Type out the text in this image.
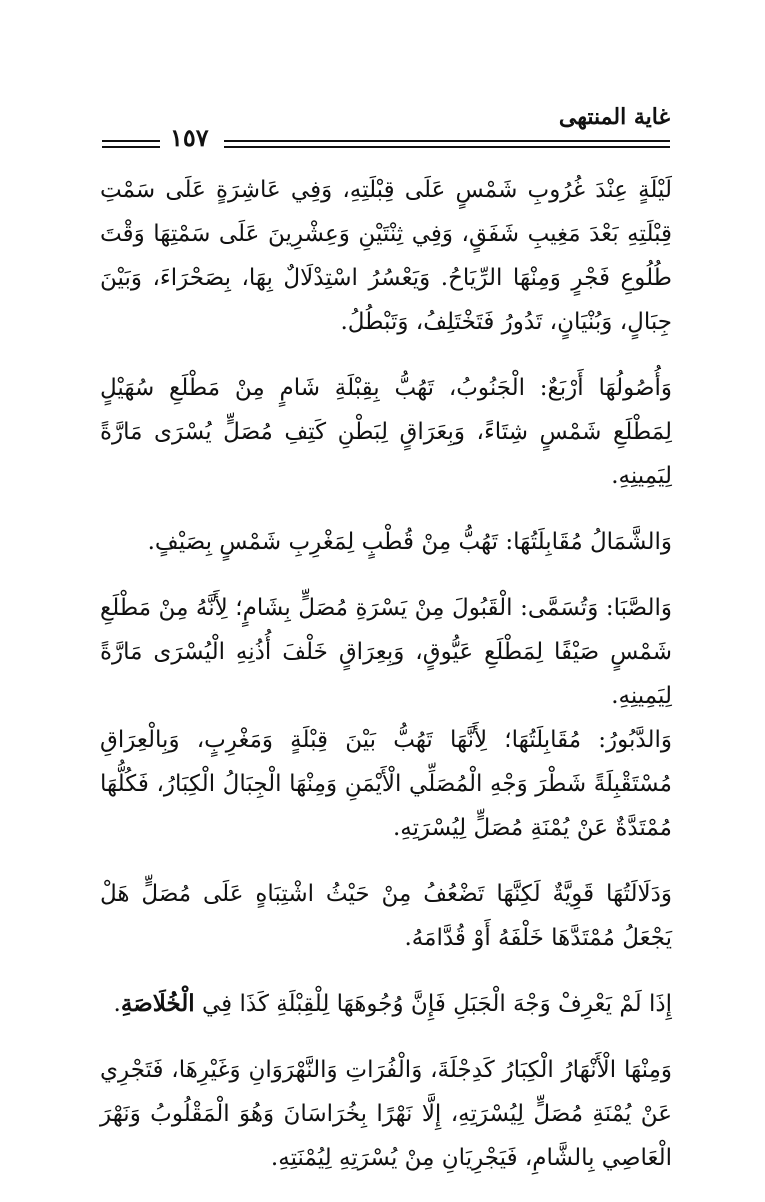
غاية المنتهى
١٥٧

لَيْلَةٍ عِنْدَ غُرُوبِ شَمْسٍ عَلَى قِبْلَتِهِ، وَفِي عَاشِرَةٍ عَلَى سَمْتِ قِبْلَتِهِ بَعْدَ مَغِيبِ شَفَقٍ، وَفِي ثِنْتَيْنِ وَعِشْرِينَ عَلَى سَمْتِهَا وَقْتَ طُلُوعِ فَجْرٍ وَمِنْهَا الرِّيَاحُ. وَيَعْسُرُ اسْتِدْلَالٌ بِهَا، بِصَحْرَاءَ، وَبَيْنَ جِبَالٍ، وَبُنْيَانٍ، تَدُورُ فَتَخْتَلِفُ، وَتَبْطُلُ.

وَأُصُولُهَا أَرْبَعٌ: الْجَنُوبُ، تَهُبُّ بِقِبْلَةِ شَامٍ مِنْ مَطْلَعِ سُهَيْلٍ لِمَطْلَعِ شَمْسٍ شِتَاءً، وَبِعَرَاقٍ لِبَطْنِ كَتِفِ مُصَلٍّ يُسْرَى مَارَّةً لِيَمِينِهِ.

وَالشَّمَالُ مُقَابِلَتُهَا: تَهُبُّ مِنْ قُطْبٍ لِمَغْرِبِ شَمْسٍ بِصَيْفٍ.

وَالصَّبَا: وَتُسَمَّى: الْقَبُولَ مِنْ يَسْرَةِ مُصَلٍّ بِشَامٍ؛ لِأَنَّهُ مِنْ مَطْلَعِ شَمْسٍ صَيْفًا لِمَطْلَعِ عَيُّوقٍ، وَبِعِرَاقٍ خَلْفَ أُذُنِهِ الْيُسْرَى مَارَّةً لِيَمِينِهِ.

وَالدَّبُورُ: مُقَابِلَتُهَا؛ لِأَنَّهَا تَهُبُّ بَيْنَ قِبْلَةٍ وَمَغْرِبٍ، وَبِالْعِرَاقِ مُسْتَقْبِلَةً شَطْرَ وَجْهِ الْمُصَلِّي الْأَيْمَنِ وَمِنْهَا الْجِبَالُ الْكِبَارُ، فَكُلُّهَا مُمْتَدَّةٌ عَنْ يُمْنَةِ مُصَلٍّ لِيُسْرَتِهِ.

وَدَلَالَتُهَا قَوِيَّةٌ لَكِنَّهَا تَضْعُفُ مِنْ حَيْثُ اشْتِبَاهٍ عَلَى مُصَلٍّ هَلْ يَجْعَلُ مُمْتَدَّهَا خَلْفَهُ أَوْ قُدَّامَهُ.

إِذَا لَمْ يَعْرِفْ وَجْهَ الْجَبَلِ فَإِنَّ وُجُوهَهَا لِلْقِبْلَةِ كَذَا فِي الْخُلَاصَةِ.

وَمِنْهَا الْأَنْهَارُ الْكِبَارُ كَدِجْلَةَ، وَالْفُرَاتِ وَالنَّهْرَوَانِ وَغَيْرِهَا، فَتَجْرِي عَنْ يُمْنَةِ مُصَلٍّ لِيُسْرَتِهِ، إِلَّا نَهْرًا بِخُرَاسَانَ وَهُوَ الْمَقْلُوبُ وَنَهْرَ الْعَاصِي بِالشَّامِ، فَيَجْرِيَانِ مِنْ يُسْرَتِهِ لِيُمْنَتِهِ.
